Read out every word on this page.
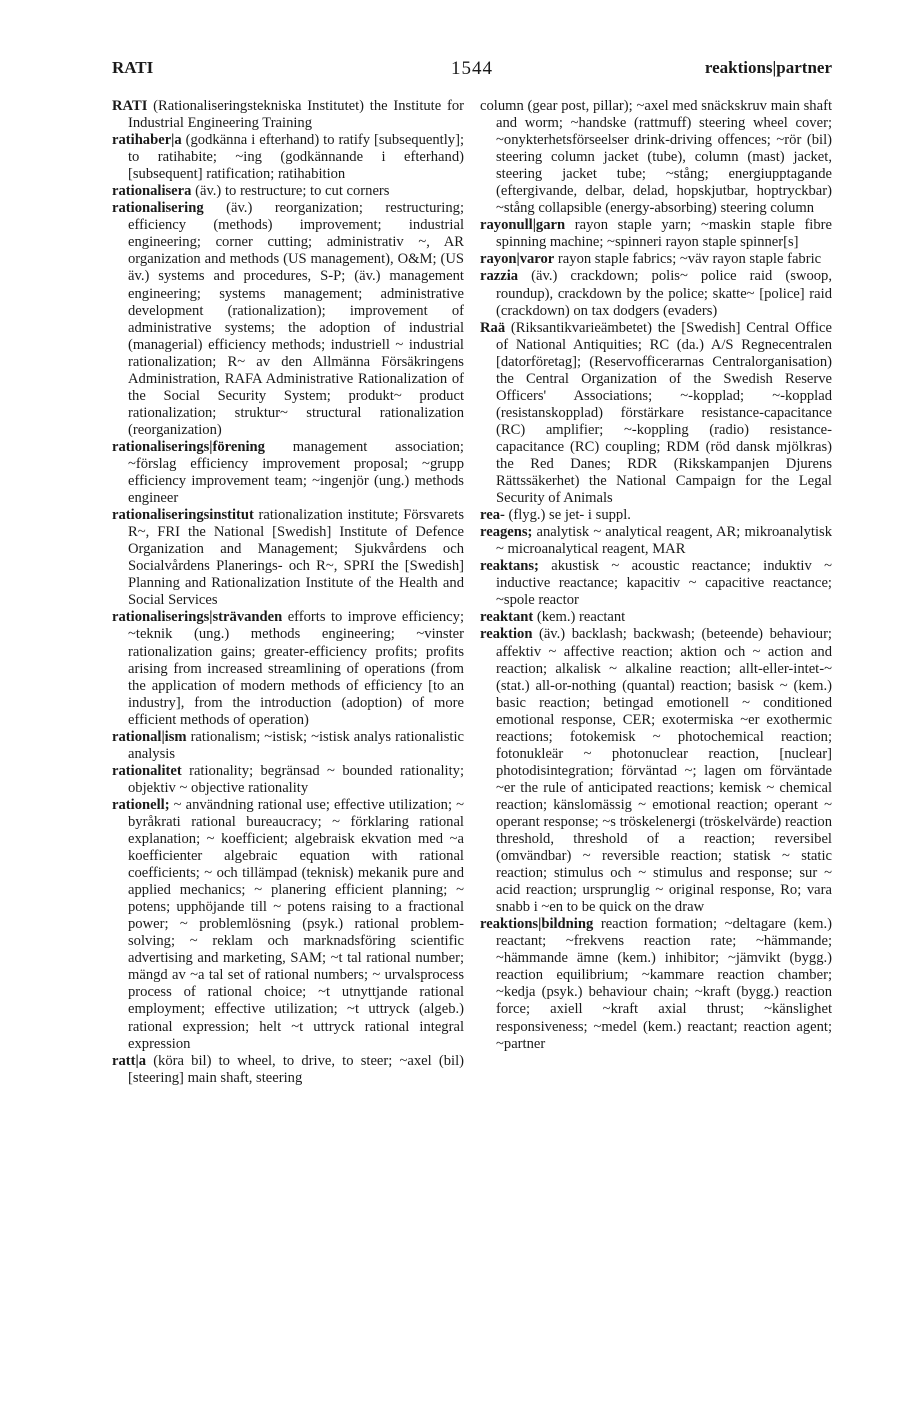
RATI	1544	reaktions|partner

RATI (Rationaliseringstekniska Institutet) the Institute for Industrial Engineering Training

ratihaber|a (godkänna i efterhand) to ratify [subsequently]; to ratihabite; ~ing (godkännande i efterhand) [subsequent] ratification; ratihabition

rationalisera (äv.) to restructure; to cut corners

rationalisering (äv.) reorganization; restructuring; efficiency (methods) improvement; industrial engineering; corner cutting; administrativ ~, AR organization and methods (US management), O&M; (US äv.) systems and procedures, S-P; (äv.) management engineering; systems management; administrative development (rationalization); improvement of administrative systems; the adoption of industrial (managerial) efficiency methods; industriell ~ industrial rationalization; R~ av den Allmänna Försäkringens Administration, RAFA Administrative Rationalization of the Social Security System; produkt~ product rationalization; struktur~ structural rationalization (reorganization)

rationaliserings|förening management association; ~förslag efficiency improvement proposal; ~grupp efficiency improvement team; ~ingenjör (ung.) methods engineer

rationaliseringsinstitut rationalization institute; Försvarets R~, FRI the National [Swedish] Institute of Defence Organization and Management; Sjukvårdens och Socialvårdens Planerings- och R~, SPRI the [Swedish] Planning and Rationalization Institute of the Health and Social Services

rationaliserings|strävanden efforts to improve efficiency; ~teknik (ung.) methods engineering; ~vinster rationalization gains; greater-efficiency profits; profits arising from increased streamlining of operations (from the application of modern methods of efficiency [to an industry], from the introduction (adoption) of more efficient methods of operation)

rational|ism rationalism; ~istisk; ~istisk analys rationalistic analysis

rationalitet rationality; begränsad ~ bounded rationality; objektiv ~ objective rationality

rationell; ~ användning rational use; effective utilization; ~ byråkrati rational bureaucracy; ~ förklaring rational explanation; ~ koefficient; algebraisk ekvation med ~a koefficienter algebraic equation with rational coefficients; ~ och tillämpad (teknisk) mekanik pure and applied mechanics; ~ planering efficient planning; ~ potens; upphöjande till ~ potens raising to a fractional power; ~ problemlösning (psyk.) rational problem-solving; ~ reklam och marknadsföring scientific advertising and marketing, SAM; ~t tal rational number; mängd av ~a tal set of rational numbers; ~ urvalsprocess process of rational choice; ~t utnyttjande rational employment; effective utilization; ~t uttryck (algeb.) rational expression; helt ~t uttryck rational integral expression

ratt|a (köra bil) to wheel, to drive, to steer; ~axel (bil) [steering] main shaft, steering

column (gear post, pillar); ~axel med snäckskruv main shaft and worm; ~handske (rattmuff) steering wheel cover; ~onykterhetsförseelser drink-driving offences; ~rör (bil) steering column jacket (tube), column (mast) jacket, steering jacket tube; ~stång; energiupptagande (eftergivande, delbar, delad, hopskjutbar, hoptryckbar) ~stång collapsible (energy-absorbing) steering column

rayonull|garn rayon staple yarn; ~maskin staple fibre spinning machine; ~spinneri rayon staple spinner[s]

rayon|varor rayon staple fabrics; ~väv rayon staple fabric

razzia (äv.) crackdown; polis~ police raid (swoop, roundup), crackdown by the police; skatte~ [police] raid (crackdown) on tax dodgers (evaders)

Raä (Riksantikvarieämbetet) the [Swedish] Central Office of National Antiquities; RC (da.) A/S Regnecentralen [datorföretag]; (Reservofficerarnas Centralorganisation) the Central Organization of the Swedish Reserve Officers' Associations; ~-kopplad; ~-kopplad (resistanskopplad) förstärkare resistance-capacitance (RC) amplifier; ~-koppling (radio) resistance-capacitance (RC) coupling; RDM (röd dansk mjölkras) the Red Danes; RDR (Rikskampanjen Djurens Rättssäkerhet) the National Campaign for the Legal Security of Animals

rea- (flyg.) se jet- i suppl.

reagens; analytisk ~ analytical reagent, AR; mikroanalytisk ~ microanalytical reagent, MAR

reaktans; akustisk ~ acoustic reactance; induktiv ~ inductive reactance; kapacitiv ~ capacitive reactance; ~spole reactor

reaktant (kem.) reactant

reaktion (äv.) backlash; backwash; (beteende) behaviour; affektiv ~ affective reaction; aktion och ~ action and reaction; alkalisk ~ alkaline reaction; allt-eller-intet-~ (stat.) all-or-nothing (quantal) reaction; basisk ~ (kem.) basic reaction; betingad emotionell ~ conditioned emotional response, CER; exotermiska ~er exothermic reactions; fotokemisk ~ photochemical reaction; fotonukleär ~ photonuclear reaction, [nuclear] photodisintegration; förväntad ~; lagen om förväntade ~er the rule of anticipated reactions; kemisk ~ chemical reaction; känslomässig ~ emotional reaction; operant ~ operant response; ~s tröskelenergi (tröskelvärde) reaction threshold, threshold of a reaction; reversibel (omvändbar) ~ reversible reaction; statisk ~ static reaction; stimulus och ~ stimulus and response; sur ~ acid reaction; ursprunglig ~ original response, Ro; vara snabb i ~en to be quick on the draw

reaktions|bildning reaction formation; ~deltagare (kem.) reactant; ~frekvens reaction rate; ~hämmande; ~hämmande ämne (kem.) inhibitor; ~jämvikt (bygg.) reaction equilibrium; ~kammare reaction chamber; ~kedja (psyk.) behaviour chain; ~kraft (bygg.) reaction force; axiell ~kraft axial thrust; ~känslighet responsiveness; ~medel (kem.) reactant; reaction agent; ~partner
